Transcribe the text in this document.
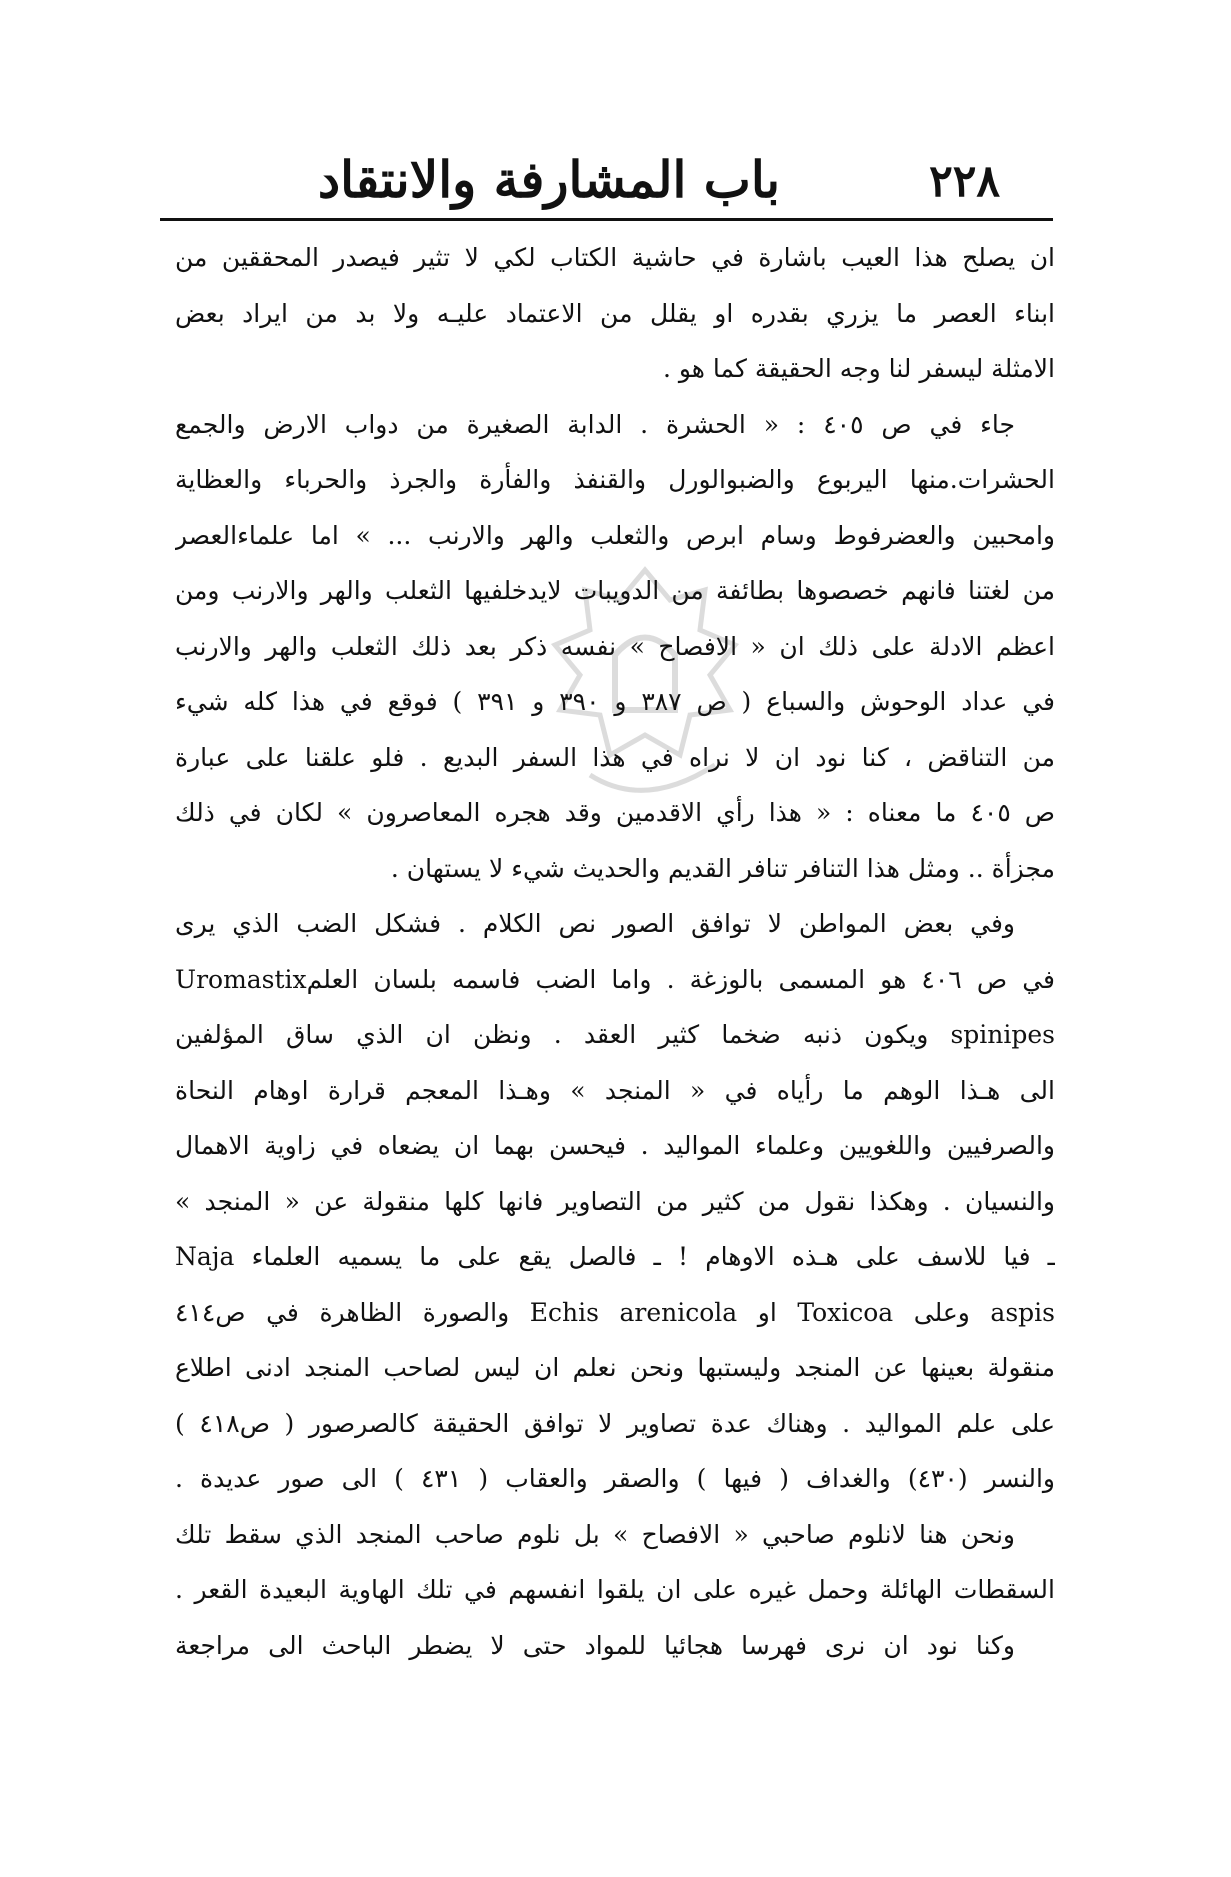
٢٢٨
باب المشارفة والانتقاد
ان يصلح هذا العيب باشارة في حاشية الكتاب لكي لا تثير فيصدر المحققين من
ابناء العصر ما يزري بقدره او يقلل من الاعتماد عليـه ولا بد من ايراد بعض
الامثلة ليسفر لنا وجه الحقيقة كما هو .
جاء في ص ٤٠٥ : « الحشرة . الدابة الصغيرة من دواب الارض والجمع
الحشرات.منها اليربوع والضبوالورل والقنفذ والفأرة والجرذ والحرباء والعظاية
وامحبين والعضرفوط وسام ابرص والثعلب والهر والارنب ... » اما علماءالعصر
من لغتنا فانهم خصصوها بطائفة من الدويبات لايدخلفيها الثعلب والهر والارنب ومن
اعظم الادلة على ذلك ان « الافصاح » نفسه ذكر بعد ذلك الثعلب والهر والارنب
في عداد الوحوش والسباع ( ص ٣٨٧ و ٣٩٠ و ٣٩١ ) فوقع في هذا كله شيء
من التناقض ، كنا نود ان لا نراه في هذا السفر البديع . فلو علقنا على عبارة
ص ٤٠٥ ما معناه : « هذا رأي الاقدمين وقد هجره المعاصرون » لكان في ذلك
مجزأة .. ومثل هذا التنافر تنافر القديم والحديث شيء لا يستهان .
وفي بعض المواطن لا توافق الصور نص الكلام . فشكل الضب الذي يرى
في ص ٤٠٦ هو المسمى بالوزغة . واما الضب فاسمه بلسان العلمUromastix
spinipes ويكون ذنبه ضخما كثير العقد . ونظن ان الذي ساق المؤلفين
الى هـذا الوهم ما رأياه في « المنجد » وهـذا المعجم قرارة اوهام النحاة
والصرفيين واللغويين وعلماء المواليد . فيحسن بهما ان يضعاه في زاوية الاهمال
والنسيان . وهكذا نقول من كثير من التصاوير فانها كلها منقولة عن « المنجد »
ـ فيا للاسف على هـذه الاوهام ! ـ فالصل يقع على ما يسميه العلماء Naja
aspis وعلى Toxicoa او Echis arenicola والصورة الظاهرة في ص٤١٤
منقولة بعينها عن المنجد وليستبها ونحن نعلم ان ليس لصاحب المنجد ادنى اطلاع
على علم المواليد . وهناك عدة تصاوير لا توافق الحقيقة كالصرصور ( ص٤١٨ )
والنسر (٤٣٠) والغداف ( فيها ) والصقر والعقاب ( ٤٣١ ) الى صور عديدة .
ونحن هنا لانلوم صاحبي « الافصاح » بل نلوم صاحب المنجد الذي سقط تلك
السقطات الهائلة وحمل غيره على ان يلقوا انفسهم في تلك الهاوية البعيدة القعر .
وكنا نود ان نرى فهرسا هجائيا للمواد حتى لا يضطر الباحث الى مراجعة
